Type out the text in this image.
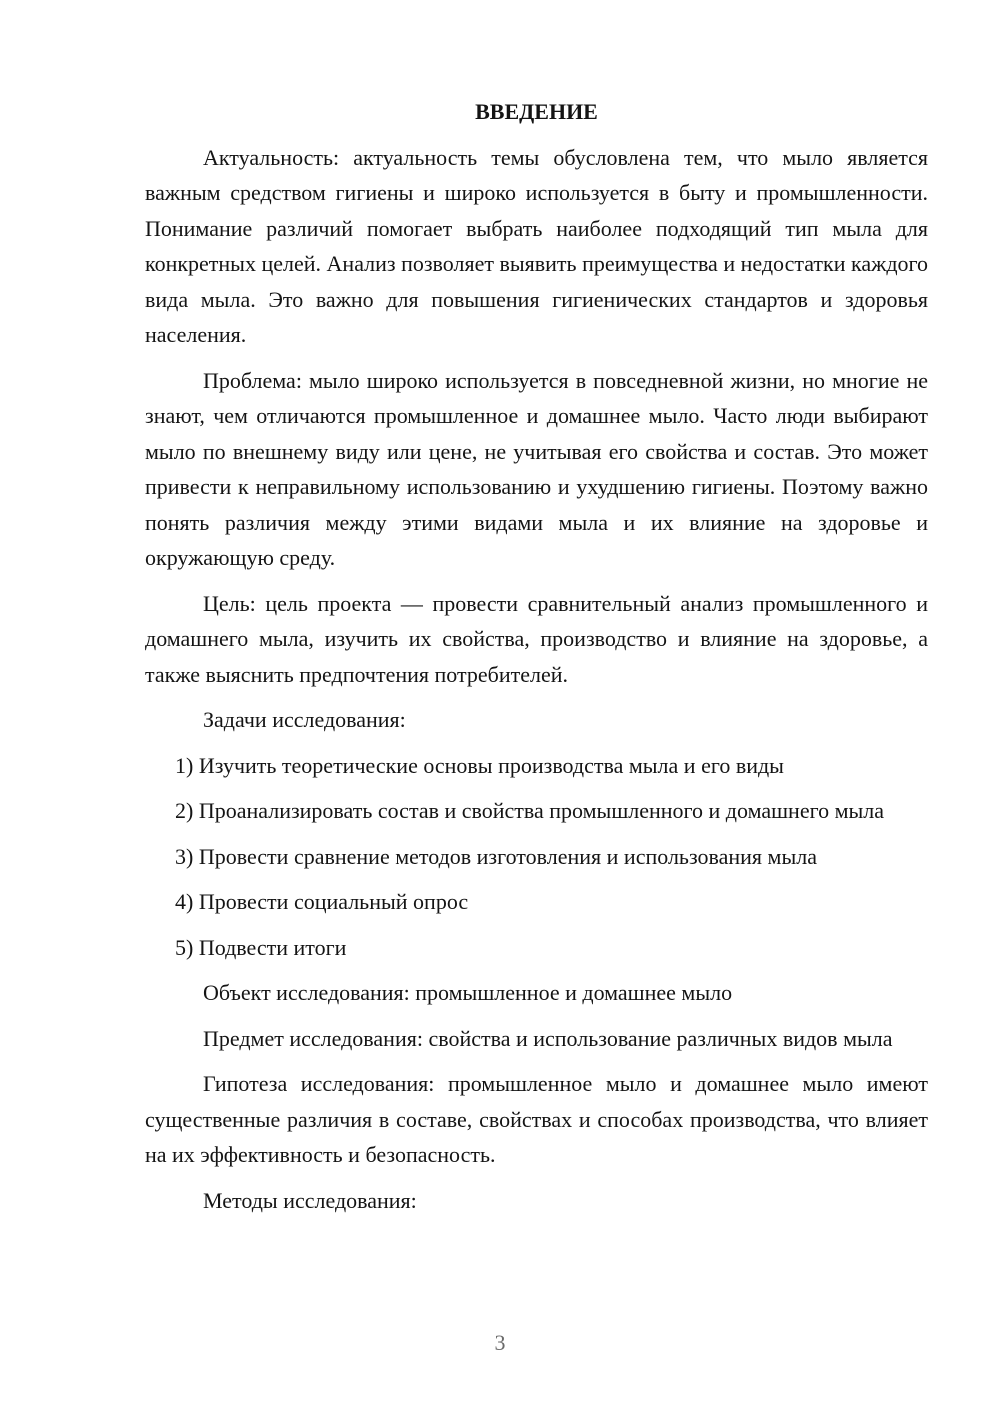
ВВЕДЕНИЕ

Актуальность: актуальность темы обусловлена тем, что мыло является важным средством гигиены и широко используется в быту и промышленности. Понимание различий помогает выбрать наиболее подходящий тип мыла для конкретных целей. Анализ позволяет выявить преимущества и недостатки каждого вида мыла. Это важно для повышения гигиенических стандартов и здоровья населения.

Проблема: мыло широко используется в повседневной жизни, но многие не знают, чем отличаются промышленное и домашнее мыло. Часто люди выбирают мыло по внешнему виду или цене, не учитывая его свойства и состав. Это может привести к неправильному использованию и ухудшению гигиены. Поэтому важно понять различия между этими видами мыла и их влияние на здоровье и окружающую среду.

Цель: цель проекта — провести сравнительный анализ промышленного и домашнего мыла, изучить их свойства, производство и влияние на здоровье, а также выяснить предпочтения потребителей.

Задачи исследования:

1) Изучить теоретические основы производства мыла и его виды

2) Проанализировать состав и свойства промышленного и домашнего мыла

3) Провести сравнение методов изготовления и использования мыла

4) Провести социальный опрос

5) Подвести итоги

Объект исследования: промышленное и домашнее мыло

Предмет исследования: свойства и использование различных видов мыла

Гипотеза исследования: промышленное мыло и домашнее мыло имеют существенные различия в составе, свойствах и способах производства, что влияет на их эффективность и безопасность.

Методы исследования:

3
